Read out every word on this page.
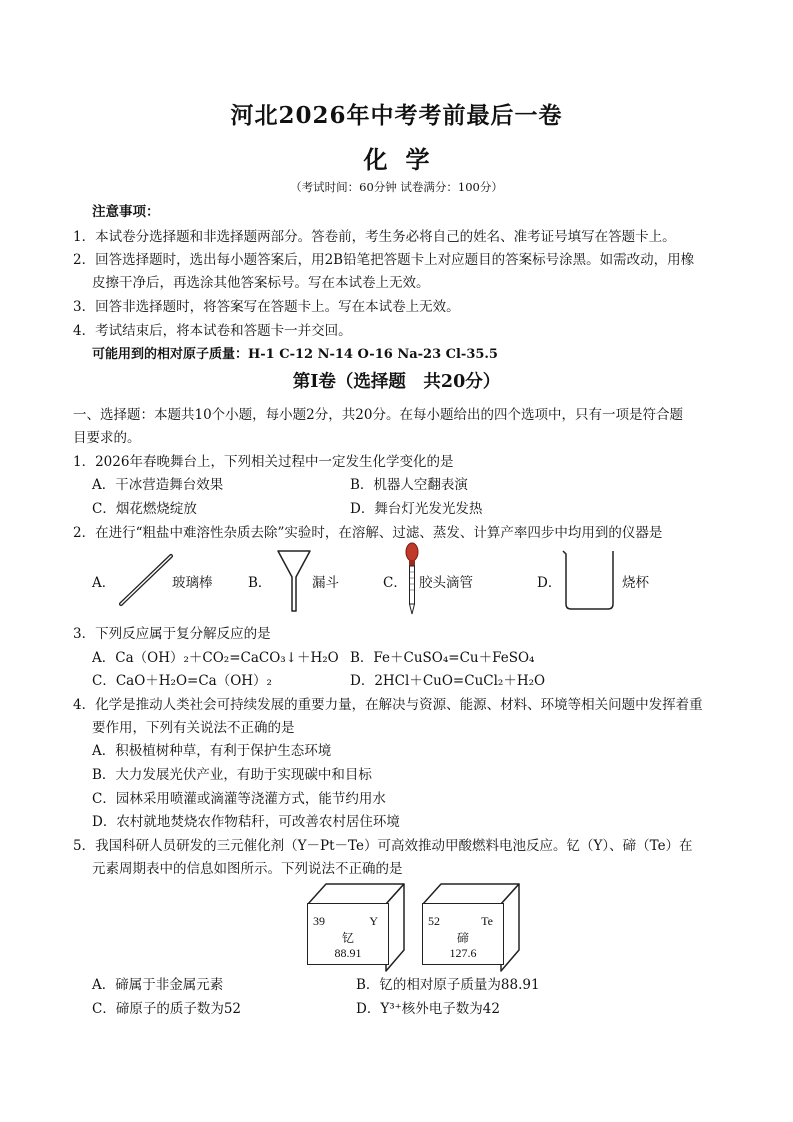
河北2026年中考考前最后一卷
化学
（考试时间：60分钟 试卷满分：100分）
注意事项：
1．本试卷分选择题和非选择题两部分。答卷前，考生务必将自己的姓名、准考证号填写在答题卡上。
2．回答选择题时，选出每小题答案后，用2B铅笔把答题卡上对应题目的答案标号涂黑。如需改动，用橡
皮擦干净后，再选涂其他答案标号。写在本试卷上无效。
3．回答非选择题时，将答案写在答题卡上。写在本试卷上无效。
4．考试结束后，将本试卷和答题卡一并交回。
可能用到的相对原子质量：H-1 C-12 N-14 O-16 Na-23 Cl-35.5
第Ⅰ卷（选择题　共20分）
一、选择题：本题共10个小题，每小题2分，共20分。在每小题给出的四个选项中，只有一项是符合题
目要求的。
1．2026年春晚舞台上，下列相关过程中一定发生化学变化的是
A．干冰营造舞台效果	B．机器人空翻表演
C．烟花燃烧绽放	D．舞台灯光发光发热
2．在进行“粗盐中难溶性杂质去除”实验时，在溶解、过滤、蒸发、计算产率四步中均用到的仪器是
A．	玻璃棒	B．	漏斗	C． 胶头滴管	D．	烧杯
3．下列反应属于复分解反应的是
A．Ca（OH）₂＋CO₂=CaCO₃↓＋H₂O B．Fe＋CuSO₄=Cu＋FeSO₄
C．CaO＋H₂O=Ca（OH）₂	D．2HCl＋CuO=CuCl₂＋H₂O
4．化学是推动人类社会可持续发展的重要力量，在解决与资源、能源、材料、环境等相关问题中发挥着重
要作用，下列有关说法不正确的是
A．积极植树种草，有利于保护生态环境
B．大力发展光伏产业，有助于实现碳中和目标
C．园林采用喷灌或滴灌等浇灌方式，能节约用水
D．农村就地焚烧农作物秸秆，可改善农村居住环境
5．我国科研人员研发的三元催化剂（Y－Pt－Te）可高效推动甲酸燃料电池反应。钇（Y）、碲（Te）在
元素周期表中的信息如图所示。下列说法不正确的是
39	Y
钇
88.91
52	Te
碲
127.6
A．碲属于非金属元素	B．钇的相对原子质量为88.91
C．碲原子的质子数为52	D．Y³⁺核外电子数为42
